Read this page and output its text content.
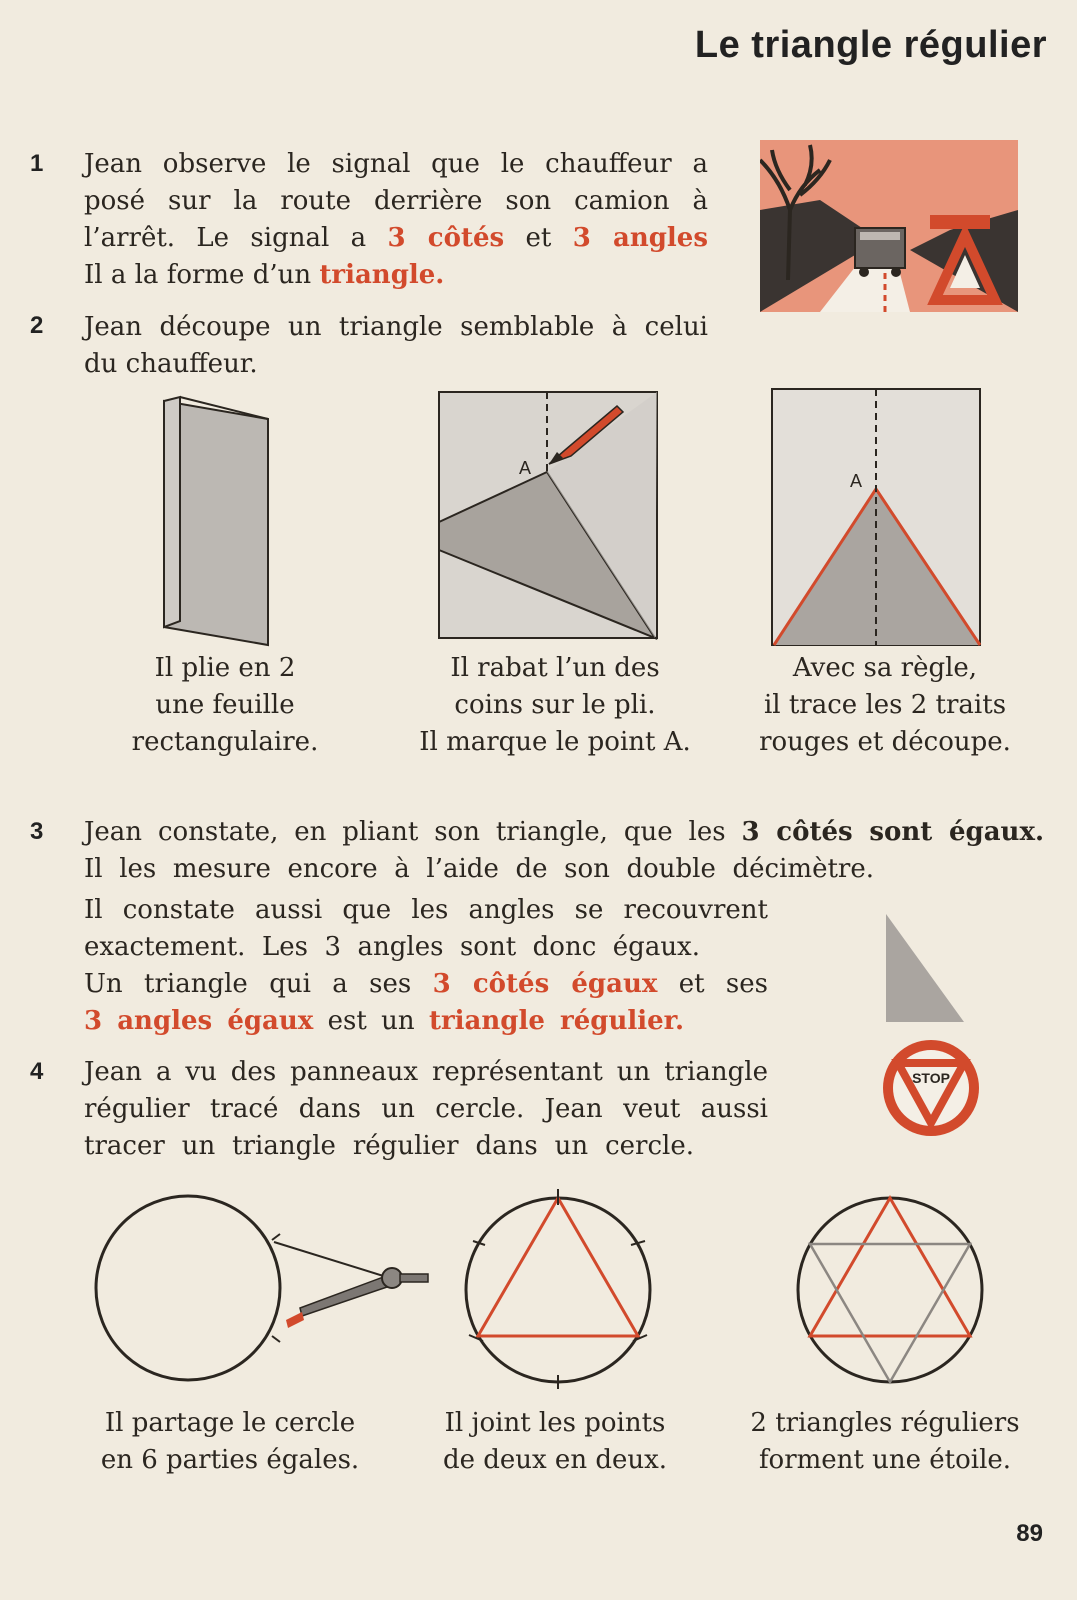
Le triangle régulier
1	Jean observe le signal que le chauffeur a
posé sur la route derrière son camion à
l’arrêt. Le signal a 3 côtés et 3 angles
Il a la forme d’un triangle.
2	Jean découpe un triangle semblable à celui
du chauffeur.
A
A
Il plie en 2
une feuille
rectangulaire.
Il rabat l’un des
coins sur le pli.
Il marque le point A.
Avec sa règle,
il trace les 2 traits
rouges et découpe.
3	Jean constate, en pliant son triangle, que les 3 côtés sont égaux.
Il les mesure encore à l’aide de son double décimètre.
Il constate aussi que les angles se recouvrent
exactement. Les 3 angles sont donc égaux.
Un triangle qui a ses 3 côtés égaux et ses
3 angles égaux est un triangle régulier.
STOP
4	Jean a vu des panneaux représentant un triangle
régulier tracé dans un cercle. Jean veut aussi
tracer un triangle régulier dans un cercle.
Il partage le cercle
en 6 parties égales.
Il joint les points
de deux en deux.
2 triangles réguliers
forment une étoile.
89
